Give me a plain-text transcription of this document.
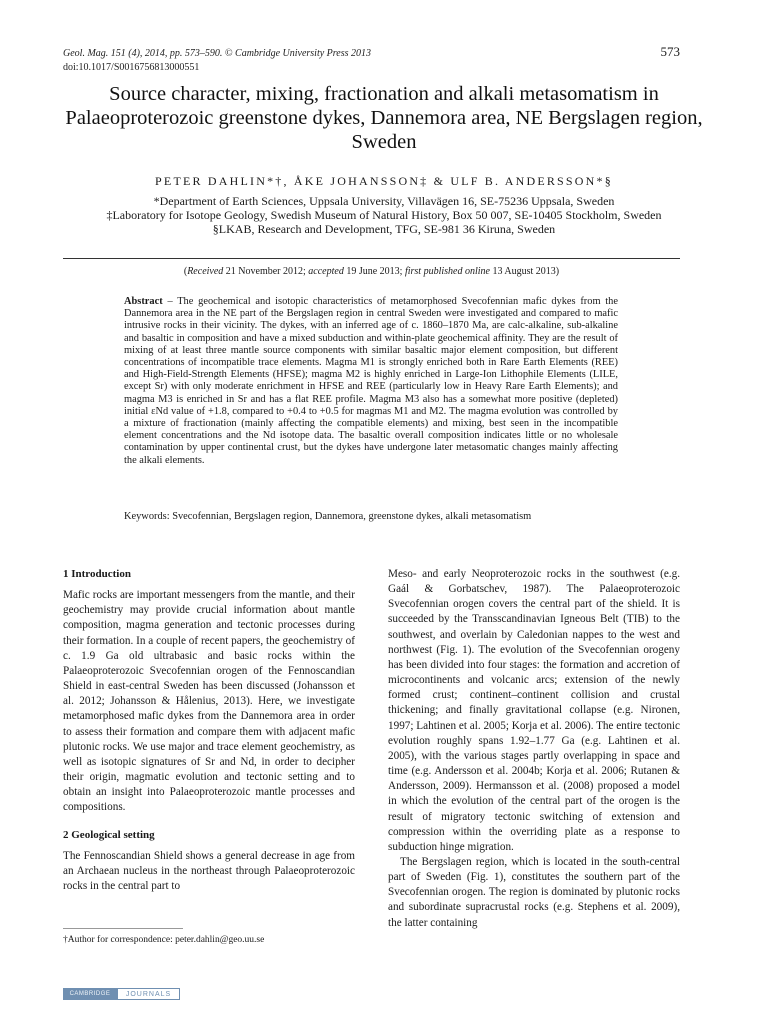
Geol. Mag. 151 (4), 2014, pp. 573–590. © Cambridge University Press 2013
doi:10.1017/S0016756813000551
573
Source character, mixing, fractionation and alkali metasomatism in Palaeoproterozoic greenstone dykes, Dannemora area, NE Bergslagen region, Sweden
PETER DAHLIN*†, ÅKE JOHANSSON‡ & ULF B. ANDERSSON*§
*Department of Earth Sciences, Uppsala University, Villavägen 16, SE-75236 Uppsala, Sweden
‡Laboratory for Isotope Geology, Swedish Museum of Natural History, Box 50 007, SE-10405 Stockholm, Sweden
§LKAB, Research and Development, TFG, SE-981 36 Kiruna, Sweden
(Received 21 November 2012; accepted 19 June 2013; first published online 13 August 2013)
Abstract – The geochemical and isotopic characteristics of metamorphosed Svecofennian mafic dykes from the Dannemora area in the NE part of the Bergslagen region in central Sweden were investigated and compared to mafic intrusive rocks in their vicinity. The dykes, with an inferred age of c. 1860–1870 Ma, are calc-alkaline, sub-alkaline and basaltic in composition and have a mixed subduction and within-plate geochemical affinity. They are the result of mixing of at least three mantle source components with similar basaltic major element composition, but different concentrations of incompatible trace elements. Magma M1 is strongly enriched both in Rare Earth Elements (REE) and High-Field-Strength Elements (HFSE); magma M2 is highly enriched in Large-Ion Lithophile Elements (LILE, except Sr) with only moderate enrichment in HFSE and REE (particularly low in Heavy Rare Earth Elements); and magma M3 is enriched in Sr and has a flat REE profile. Magma M3 also has a somewhat more positive (depleted) initial εNd value of +1.8, compared to +0.4 to +0.5 for magmas M1 and M2. The magma evolution was controlled by a mixture of fractionation (mainly affecting the compatible elements) and mixing, best seen in the incompatible element concentrations and the Nd isotope data. The basaltic overall composition indicates little or no wholesale contamination by upper continental crust, but the dykes have undergone later metasomatic changes mainly affecting the alkali elements.
Keywords: Svecofennian, Bergslagen region, Dannemora, greenstone dykes, alkali metasomatism
1 Introduction

Mafic rocks are important messengers from the mantle, and their geochemistry may provide crucial information about mantle composition, magma generation and tectonic processes during their formation. In a couple of recent papers, the geochemistry of c. 1.9 Ga old ultrabasic and basic rocks within the Palaeoproterozoic Svecofennian orogen of the Fennoscandian Shield in east-central Sweden has been discussed (Johansson et al. 2012; Johansson & Hålenius, 2013). Here, we investigate metamorphosed mafic dykes from the Dannemora area in order to assess their formation and compare them with adjacent mafic plutonic rocks. We use major and trace element geochemistry, as well as isotopic signatures of Sr and Nd, in order to decipher their origin, magmatic evolution and tectonic setting and to obtain an insight into Palaeoproterozoic mantle processes and compositions.

2 Geological setting

The Fennoscandian Shield shows a general decrease in age from an Archaean nucleus in the northeast through Palaeoproterozoic rocks in the central part to

Meso- and early Neoproterozoic rocks in the southwest (e.g. Gaál & Gorbatschev, 1987). The Palaeoproterozoic Svecofennian orogen covers the central part of the shield. It is succeeded by the Transscandinavian Igneous Belt (TIB) to the southwest, and overlain by Caledonian nappes to the west and northwest (Fig. 1). The evolution of the Svecofennian orogeny has been divided into four stages: the formation and accretion of microcontinents and volcanic arcs; extension of the newly formed crust; continent–continent collision and crustal thickening; and finally gravitational collapse (e.g. Nironen, 1997; Lahtinen et al. 2005; Korja et al. 2006). The entire tectonic evolution roughly spans 1.92–1.77 Ga (e.g. Lahtinen et al. 2005), with the various stages partly overlapping in space and time (e.g. Andersson et al. 2004b; Korja et al. 2006; Rutanen & Andersson, 2009). Hermansson et al. (2008) proposed a model in which the evolution of the central part of the orogen is the result of migratory tectonic switching of extension and compression within the overriding plate as a response to subduction hinge migration.

The Bergslagen region, which is located in the south-central part of Sweden (Fig. 1), constitutes the southern part of the Svecofennian orogen. The region is dominated by plutonic rocks and subordinate supracrustal rocks (e.g. Stephens et al. 2009), the latter containing

†Author for correspondence: peter.dahlin@geo.uu.se
CAMBRIDGE	JOURNALS
